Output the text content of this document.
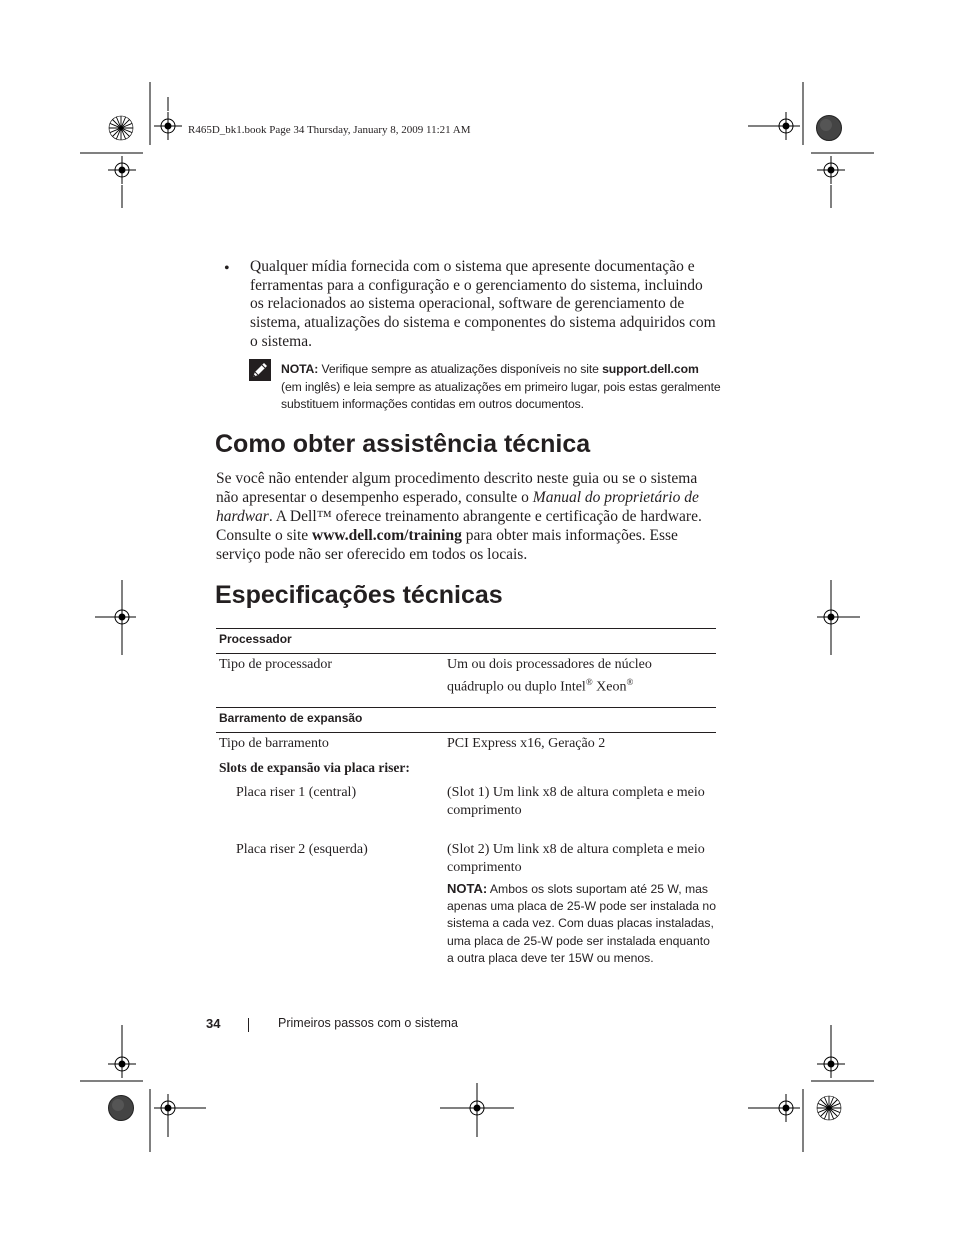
R465D_bk1.book Page 34 Thursday, January 8, 2009 11:21 AM
• Qualquer mídia fornecida com o sistema que apresente documentação e ferramentas para a configuração e o gerenciamento do sistema, incluindo os relacionados ao sistema operacional, software de gerenciamento de sistema, atualizações do sistema e componentes do sistema adquiridos com o sistema.
NOTA: Verifique sempre as atualizações disponíveis no site support.dell.com (em inglês) e leia sempre as atualizações em primeiro lugar, pois estas geralmente substituem informações contidas em outros documentos.
Como obter assistência técnica
Se você não entender algum procedimento descrito neste guia ou se o sistema não apresentar o desempenho esperado, consulte o Manual do proprietário de hardwar. A Dell™ oferece treinamento abrangente e certificação de hardware. Consulte o site www.dell.com/training para obter mais informações. Esse serviço pode não ser oferecido em todos os locais.
Especificações técnicas
Processador
Tipo de processador	Um ou dois processadores de núcleo
quádruplo ou duplo Intel® Xeon®
Barramento de expansão
Tipo de barramento	PCI Express x16, Geração 2
Slots de expansão via placa riser:
Placa riser 1 (central)	(Slot 1) Um link x8 de altura completa e meio comprimento
Placa riser 2 (esquerda)	(Slot 2) Um link x8 de altura completa e meio comprimento
NOTA: Ambos os slots suportam até 25 W, mas apenas uma placa de 25-W pode ser instalada no sistema a cada vez. Com duas placas instaladas, uma placa de 25-W pode ser instalada enquanto a outra placa deve ter 15W ou menos.
34	Primeiros passos com o sistema
